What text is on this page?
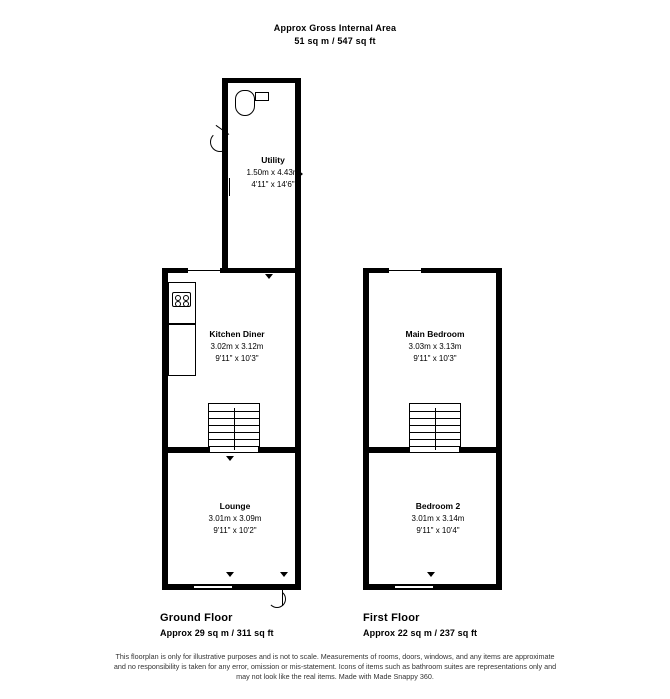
Approx Gross Internal Area
51 sq m / 547 sq ft
Utility
1.50m x 4.43m
4'11" x 14'6"
Kitchen Diner
3.02m x 3.12m
9'11" x 10'3"
Lounge
3.01m x 3.09m
9'11" x 10'2"
Ground Floor
Approx 29 sq m / 311 sq ft
Main Bedroom
3.03m x 3.13m
9'11" x 10'3"
Bedroom 2
3.01m x 3.14m
9'11" x 10'4"
First Floor
Approx 22 sq m / 237 sq ft
This floorplan is only for illustrative purposes and is not to scale. Measurements of rooms, doors, windows, and any items are approximate
and no responsibility is taken for any error, omission or mis-statement. Icons of items such as bathroom suites are representations only and
may not look like the real items. Made with Made Snappy 360.
